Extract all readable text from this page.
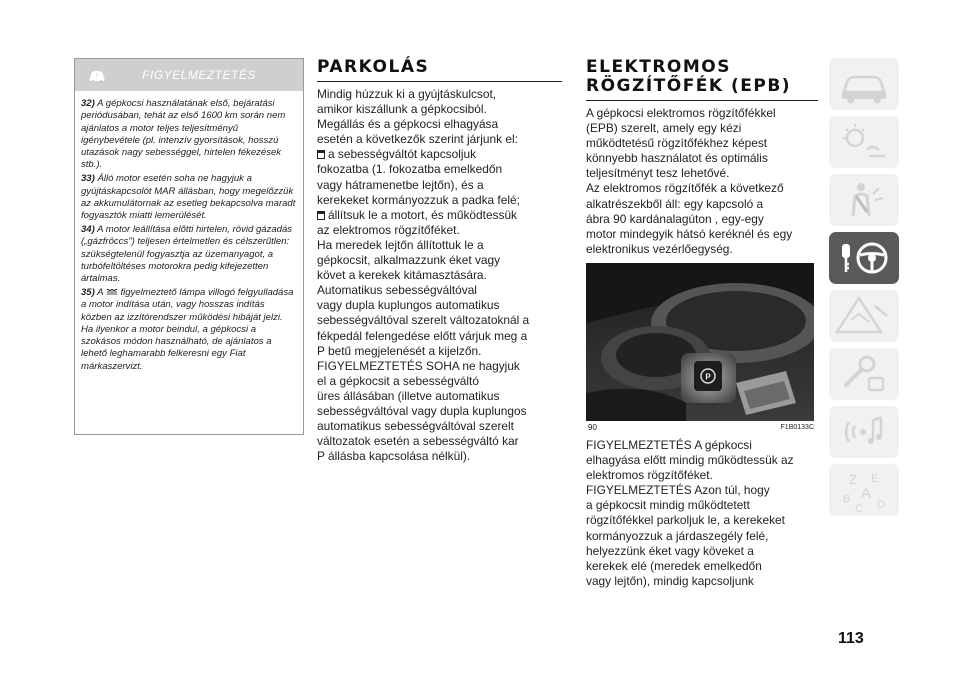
!	FIGYELMEZTETÉS

32) A gépkocsi használatának első, bejáratási periódusában, tehát az első 1600 km során nem ajánlatos a motor teljes teljesítményű igénybevétele (pl. intenzív gyorsítások, hosszú utazások nagy sebességgel, hirtelen fékezések stb.).

33) Álló motor esetén soha ne hagyjuk a gyújtáskapcsolót MAR állásban, hogy megelőzzük az akkumulátornak az esetleg bekapcsolva maradt fogyasztók miatti lemerülését.

34) A motor leállítása előtti hirtelen, rövid gázadás („gázfröccs") teljesen értelmetlen és célszerűtlen: szükségtelenül fogyasztja az üzemanyagot, a turbófeltöltéses motorokra pedig kifejezetten ártalmas.

35) A figyelmeztető lámpa villogó felgyulladása a motor indítása után, vagy hosszas indítás közben az izzítórendszer működési hibáját jelzi. Ha ilyenkor a motor beindul, a gépkocsi a szokásos módon használható, de ajánlatos a lehető leghamarabb felkeresni egy Fiat márkaszervizt.

PARKOLÁS

Mindig húzzuk ki a gyújtáskulcsot,

amikor kiszállunk a gépkocsiból.

Megállás és a gépkocsi elhagyása

esetén a következők szerint járjunk el:

a sebességváltót kapcsoljuk

fokozatba (1. fokozatba emelkedőn

vagy hátramenetbe lejtőn), és a

kerekeket kormányozzuk a padka felé;

állítsuk le a motort, és működtessük

az elektromos rögzítőféket.

Ha meredek lejtőn állítottuk le a

gépkocsit, alkalmazzunk éket vagy

követ a kerekek kitámasztására.

Automatikus sebességváltóval

vagy dupla kuplungos automatikus

sebességváltóval szerelt változatoknál a

fékpedál felengedése előtt várjuk meg a

P betű megjelenését a kijelzőn.

FIGYELMEZTETÉS SOHA ne hagyjuk

el a gépkocsit a sebességváltó

üres állásában (illetve automatikus

sebességváltóval vagy dupla kuplungos

automatikus sebességváltóval szerelt

változatok esetén a sebességváltó kar

P állásba kapcsolása nélkül).

ELEKTROMOS
RÖGZÍTŐFÉK (EPB)

A gépkocsi elektromos rögzítőfékkel

(EPB) szerelt, amely egy kézi

működtetésű rögzítőfékhez képest

könnyebb használatot és optimális

teljesítményt tesz lehetővé.

Az elektromos rögzítőfék a következő

alkatrészekből áll: egy kapcsoló a

ábra 90 kardánalagúton , egy-egy

motor mindegyik hátsó keréknél és egy

elektronikus vezérlőegység.

P
90	F1B0133C

FIGYELMEZTETÉS A gépkocsi

elhagyása előtt mindig működtessük az

elektromos rögzítőféket.

FIGYELMEZTETÉS Azon túl, hogy

a gépkocsit mindig működtetett

rögzítőfékkel parkoljuk le, a kerekeket

kormányozzuk a járdaszegély felé,

helyezzünk éket vagy köveket a

kerekek elé (meredek emelkedőn

vagy lejtőn), mindig kapcsoljunk

Z E
B A
C D
113
